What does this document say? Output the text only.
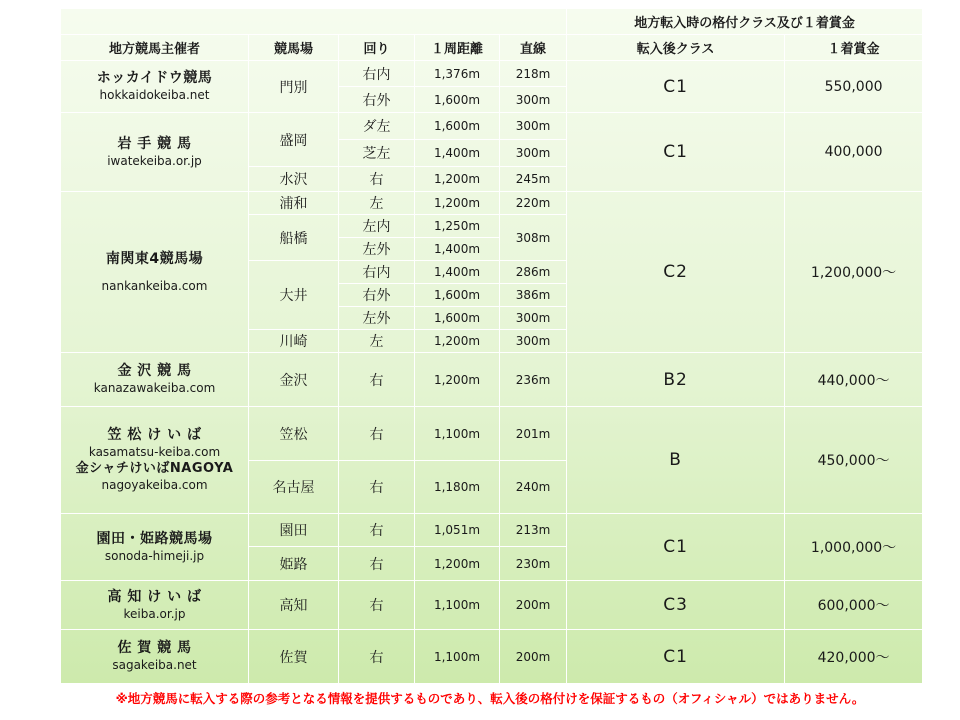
					地方転入時の格付クラス及び１着賞金	
地方競馬主催者	競馬場	回り	１周距離	直線	転入後クラス	１着賞金

ホッカイドウ競馬
hokkaidokeiba.net	門別	右内	1,376m	218m	C1	550,000
		右外	1,600m	300m		

岩 手 競 馬
iwatekeiba.or.jp	盛岡	ダ左	1,600m	300m	C1	400,000
		芝左	1,400m	300m		
	水沢	右	1,200m	245m		

南関東4競馬場
nankankeiba.com	浦和	左	1,200m	220m	C2	1,200,000～
	船橋	左内	1,250m	308m		
		左外	1,400m			
	大井	右内	1,400m	286m		
		右外	1,600m	386m		
		左外	1,600m	300m		
	川崎	左	1,200m	300m		

金 沢 競 馬
kanazawakeiba.com	金沢	右	1,200m	236m	B2	440,000～

笠 松 け い ば
kasamatsu-keiba.com
金シャチけいばNAGOYA
nagoyakeiba.com	笠松	右	1,100m	201m	B	450,000～
	名古屋	右	1,180m	240m		

園田・姫路競馬場
sonoda-himeji.jp	園田	右	1,051m	213m	C1	1,000,000～
	姫路	右	1,200m	230m		

高 知 け い ば
keiba.or.jp	高知	右	1,100m	200m	C3	600,000～

佐 賀 競 馬
sagakeiba.net	佐賀	右	1,100m	200m	C1	420,000～
※地方競馬に転入する際の参考となる情報を提供するものであり、転入後の格付けを保証するもの（オフィシャル）ではありません。
